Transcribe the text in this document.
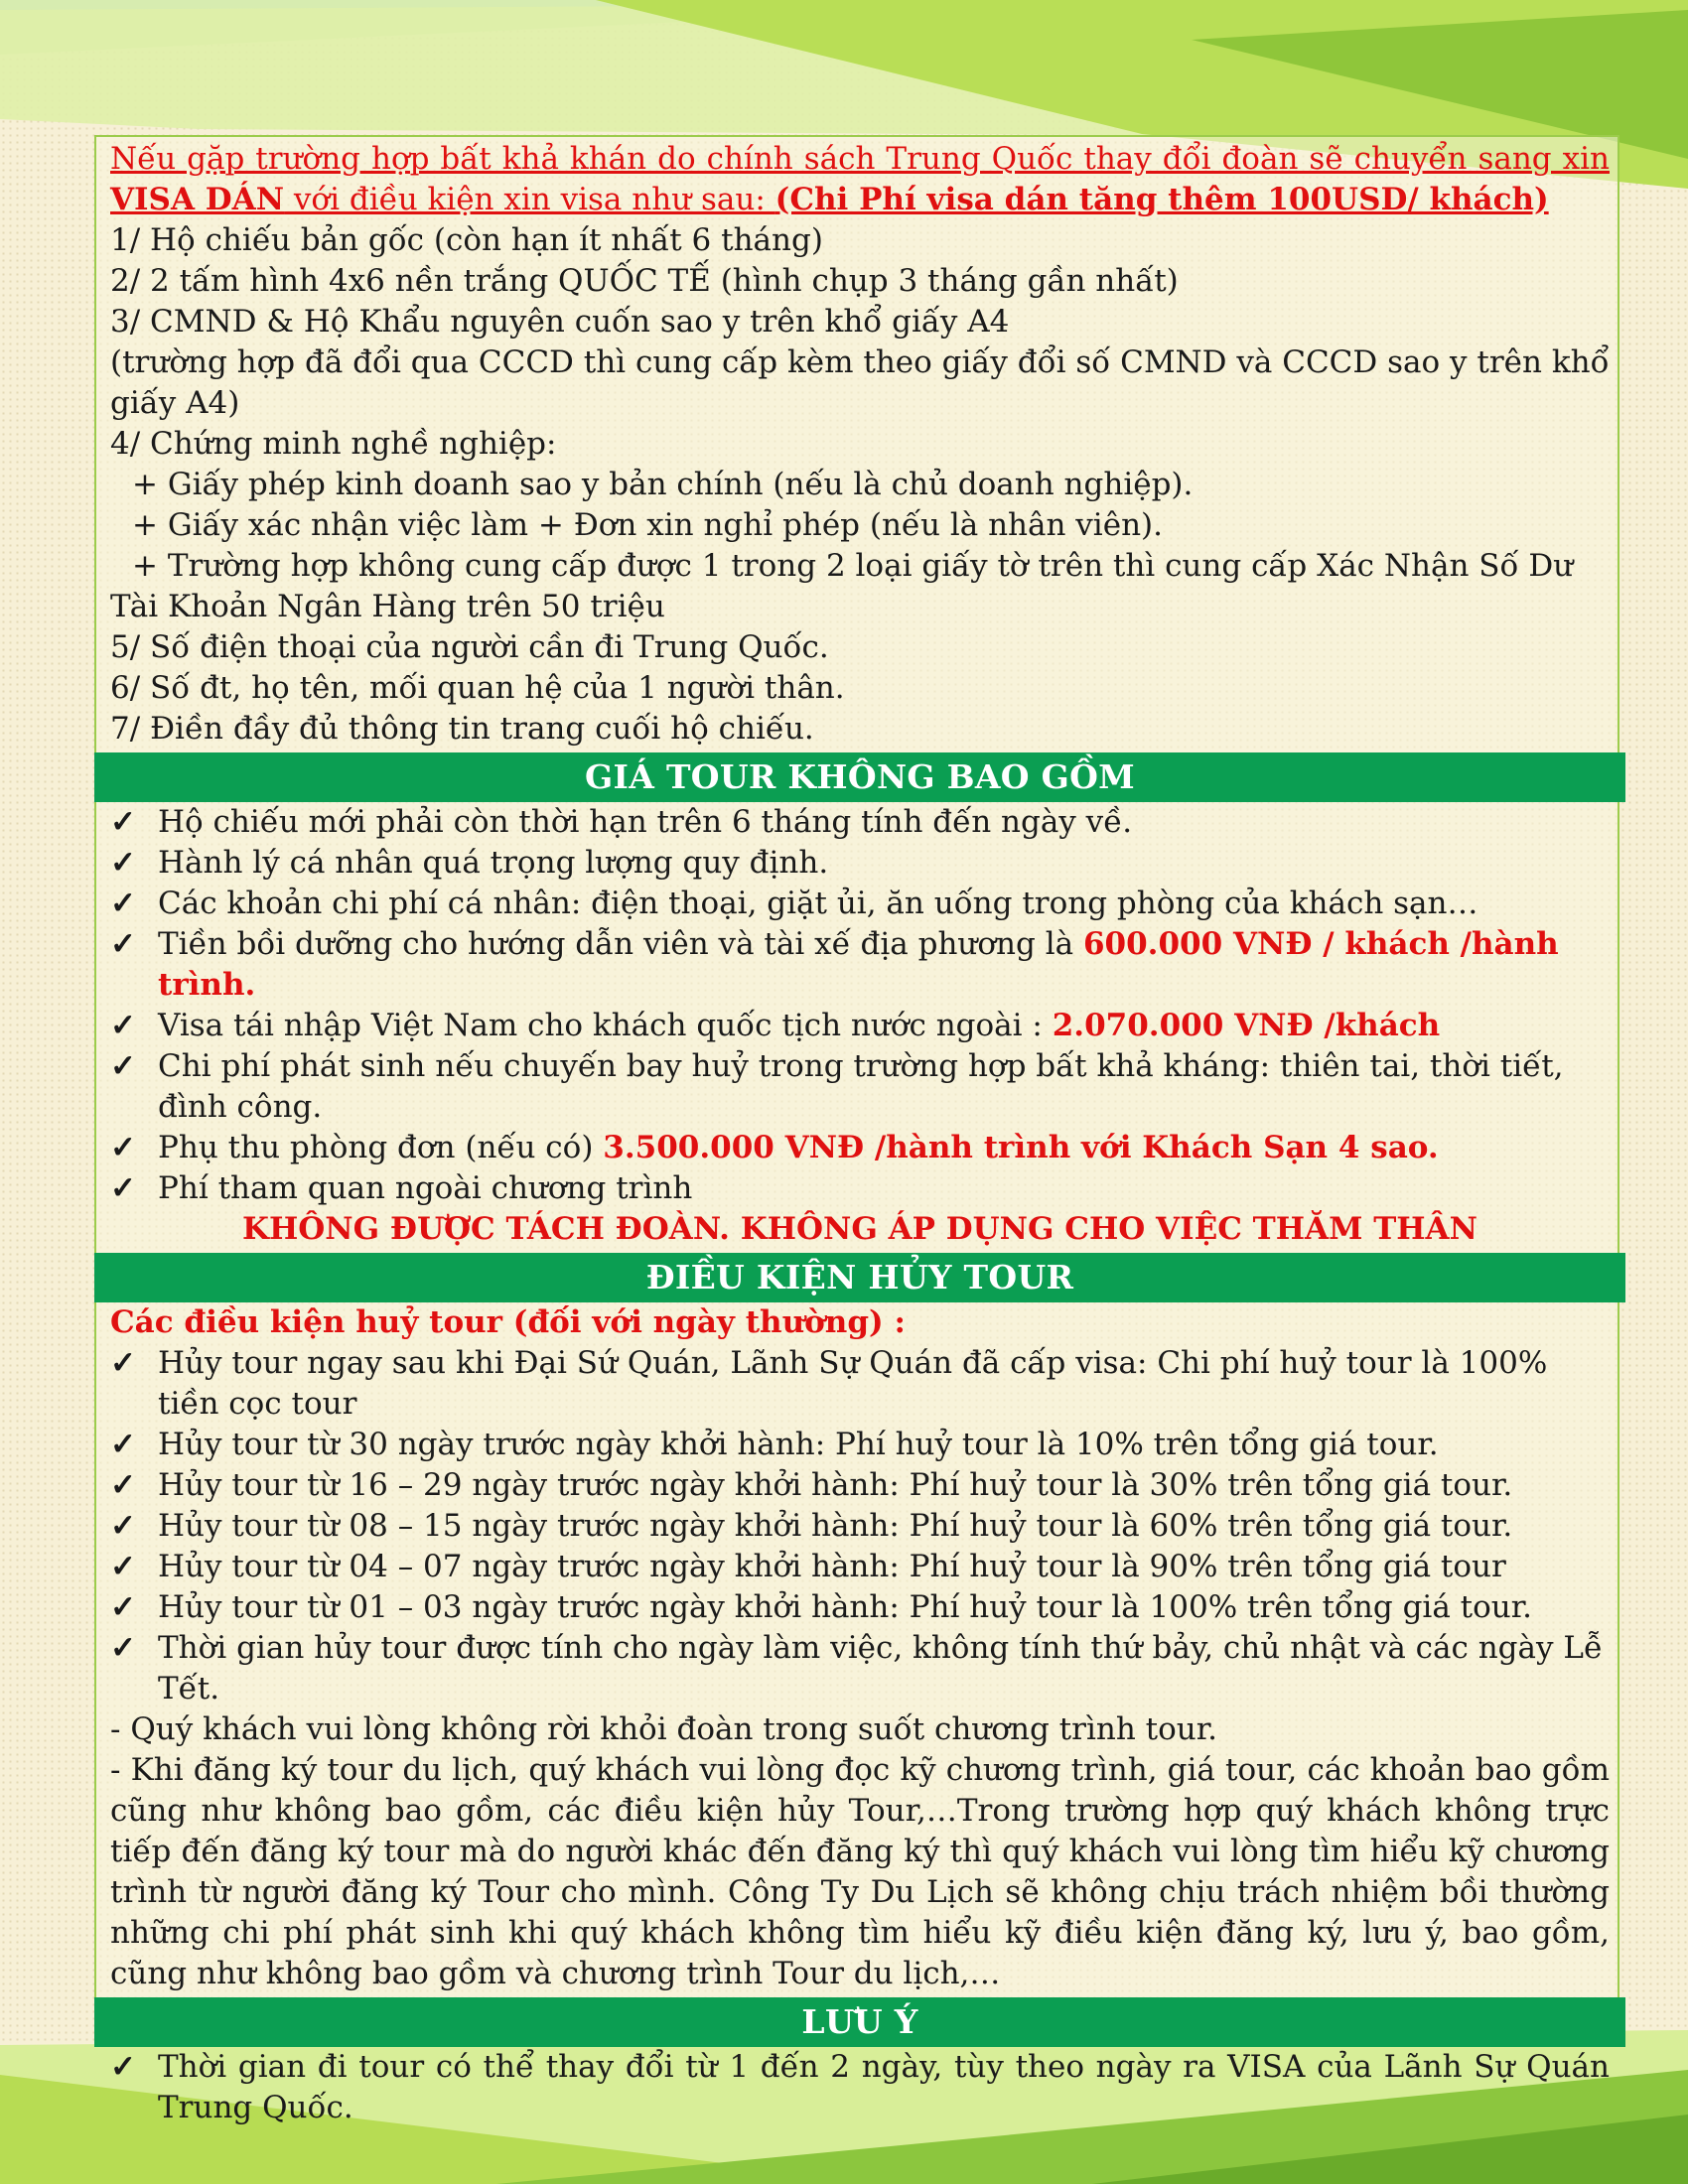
Nếu gặp trường hợp bất khả khán do chính sách Trung Quốc thay đổi đoàn sẽ chuyển sang xin VISA DÁN với điều kiện xin visa như sau: (Chi Phí visa dán tăng thêm 100USD/ khách)
1/ Hộ chiếu bản gốc (còn hạn ít nhất 6 tháng)
2/ 2 tấm hình 4x6 nền trắng QUỐC TẾ (hình chụp 3 tháng gần nhất)
3/ CMND & Hộ Khẩu nguyên cuốn sao y trên khổ giấy A4
(trường hợp đã đổi qua CCCD thì cung cấp kèm theo giấy đổi số CMND và CCCD sao y trên khổ giấy A4)
4/ Chứng minh nghề nghiệp:
+ Giấy phép kinh doanh sao y bản chính (nếu là chủ doanh nghiệp).
+ Giấy xác nhận việc làm + Đơn xin nghỉ phép (nếu là nhân viên).
+ Trường hợp không cung cấp được 1 trong 2 loại giấy tờ trên thì cung cấp Xác Nhận Số Dư Tài Khoản Ngân Hàng trên 50 triệu
5/ Số điện thoại của người cần đi Trung Quốc.
6/ Số đt, họ tên, mối quan hệ của 1 người thân.
7/ Điền đầy đủ thông tin trang cuối hộ chiếu.
GIÁ TOUR KHÔNG BAO GỒM
✓ Hộ chiếu mới phải còn thời hạn trên 6 tháng tính đến ngày về.
✓ Hành lý cá nhân quá trọng lượng quy định.
✓ Các khoản chi phí cá nhân: điện thoại, giặt ủi, ăn uống trong phòng của khách sạn…
✓ Tiền bồi dưỡng cho hướng dẫn viên và tài xế địa phương là 600.000 VNĐ / khách /hành trình.
✓ Visa tái nhập Việt Nam cho khách quốc tịch nước ngoài : 2.070.000 VNĐ /khách
✓ Chi phí phát sinh nếu chuyến bay huỷ trong trường hợp bất khả kháng: thiên tai, thời tiết, đình công.
✓ Phụ thu phòng đơn (nếu có) 3.500.000 VNĐ /hành trình với Khách Sạn 4 sao.
✓ Phí tham quan ngoài chương trình
KHÔNG ĐƯỢC TÁCH ĐOÀN. KHÔNG ÁP DỤNG CHO VIỆC THĂM THÂN
ĐIỀU KIỆN HỦY TOUR
Các điều kiện huỷ tour (đối với ngày thường) :
✓ Hủy tour ngay sau khi Đại Sứ Quán, Lãnh Sự Quán đã cấp visa: Chi phí huỷ tour là 100% tiền cọc tour
✓ Hủy tour từ 30 ngày trước ngày khởi hành: Phí huỷ tour là 10% trên tổng giá tour.
✓ Hủy tour từ 16 – 29 ngày trước ngày khởi hành: Phí huỷ tour là 30% trên tổng giá tour.
✓ Hủy tour từ 08 – 15 ngày trước ngày khởi hành: Phí huỷ tour là 60% trên tổng giá tour.
✓ Hủy tour từ 04 – 07 ngày trước ngày khởi hành: Phí huỷ tour là 90% trên tổng giá tour
✓ Hủy tour từ 01 – 03 ngày trước ngày khởi hành: Phí huỷ tour là 100% trên tổng giá tour.
✓ Thời gian hủy tour được tính cho ngày làm việc, không tính thứ bảy, chủ nhật và các ngày Lễ Tết.
- Quý khách vui lòng không rời khỏi đoàn trong suốt chương trình tour.
- Khi đăng ký tour du lịch, quý khách vui lòng đọc kỹ chương trình, giá tour, các khoản bao gồm cũng như không bao gồm, các điều kiện hủy Tour,…Trong trường hợp quý khách không trực tiếp đến đăng ký tour mà do người khác đến đăng ký thì quý khách vui lòng tìm hiểu kỹ chương trình từ người đăng ký Tour cho mình. Công Ty Du Lịch sẽ không chịu trách nhiệm bồi thường những chi phí phát sinh khi quý khách không tìm hiểu kỹ điều kiện đăng ký, lưu ý, bao gồm, cũng như không bao gồm và chương trình Tour du lịch,…
LƯU Ý
✓ Thời gian đi tour có thể thay đổi từ 1 đến 2 ngày, tùy theo ngày ra VISA của Lãnh Sự Quán Trung Quốc.
